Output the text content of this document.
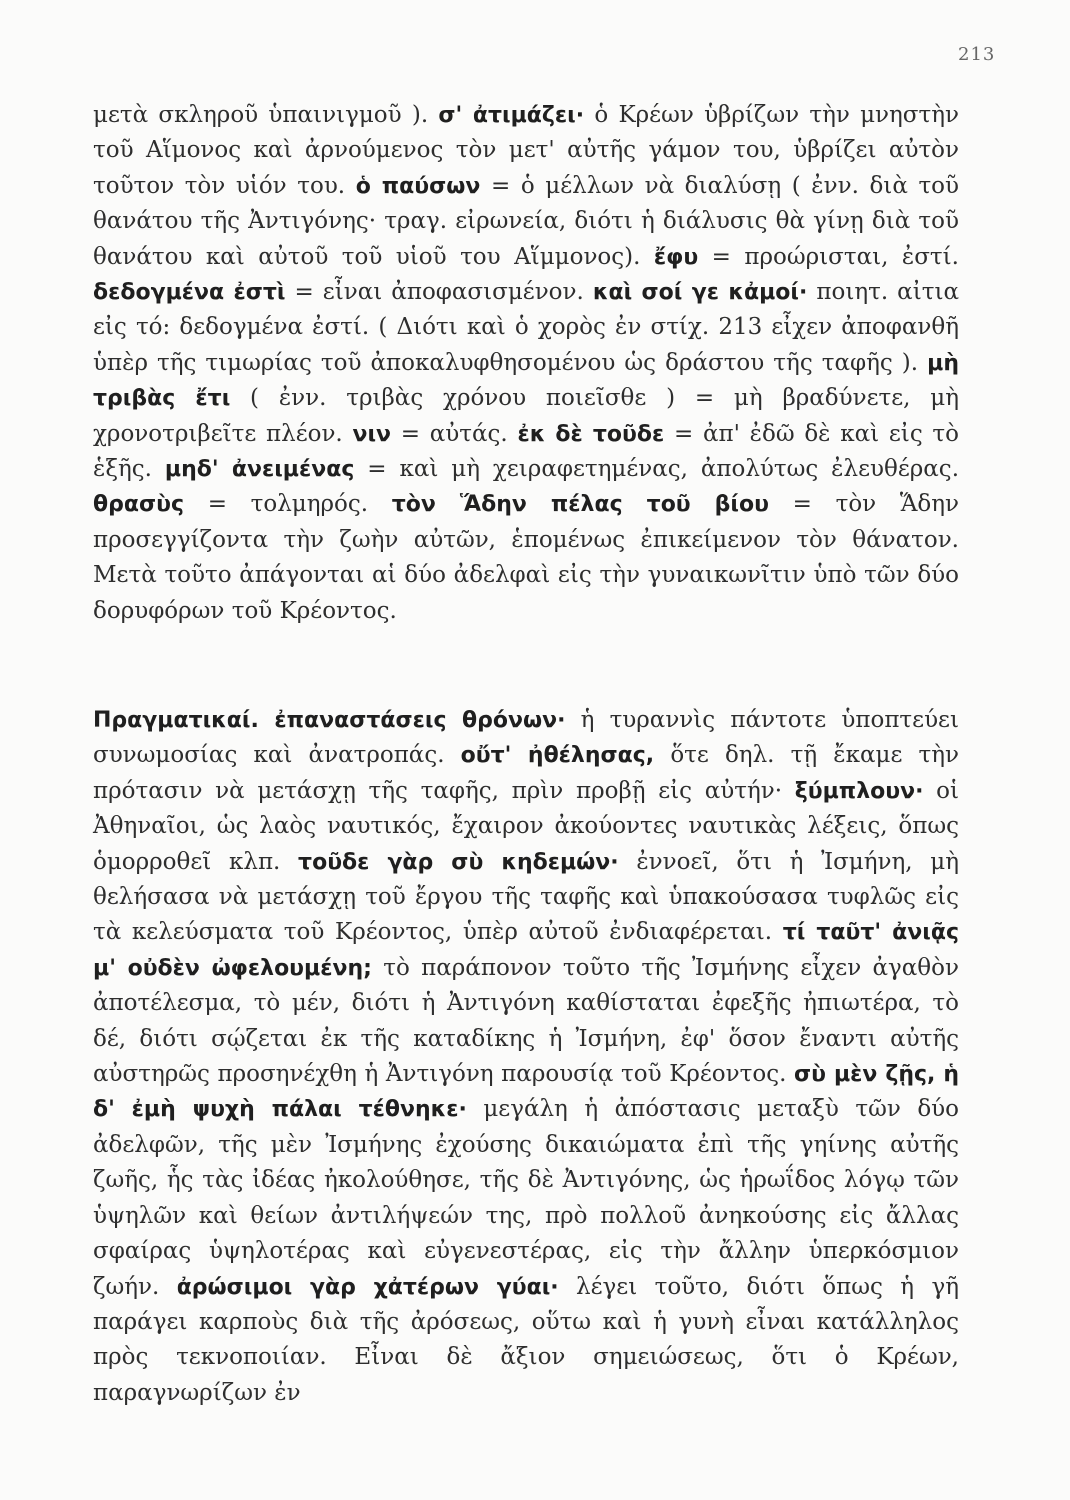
213

μετὰ σκληροῦ ὑπαινιγμοῦ ). σ' ἀτιμάζει· ὁ Κρέων ὑβρίζων τὴν μνηστὴν τοῦ Αἵμονος καὶ ἀρνούμενος τὸν μετ' αὐτῆς γάμον του, ὑβρίζει αὐτὸν τοῦτον τὸν υἱόν του. ὁ παύσων = ὁ μέλλων νὰ διαλύσῃ ( ἐνν. διὰ τοῦ θανάτου τῆς Ἀντιγόνης· τραγ. εἰρωνεία, διότι ἡ διάλυσις θὰ γίνῃ διὰ τοῦ θανάτου καὶ αὐτοῦ τοῦ υἱοῦ του Αἵμμονος). ἔφυ = προώρισται, ἐστί. δεδογμένα ἐστὶ = εἶναι ἀποφασισμένον. καὶ σοί γε κἀμοί· ποιητ. αἰτια εἰς τό: δεδογμένα ἐστί. ( Διότι καὶ ὁ χορὸς ἐν στίχ. 213 εἶχεν ἀποφανθῆ ὑπὲρ τῆς τιμωρίας τοῦ ἀποκαλυφθησομένου ὡς δράστου τῆς ταφῆς ). μὴ τριβὰς ἔτι ( ἐνν. τριβὰς χρόνου ποιεῖσθε ) = μὴ βραδύνετε, μὴ χρονοτριβεῖτε πλέον. νιν = αὐτάς. ἐκ δὲ τοῦδε = ἀπ' ἐδῶ δὲ καὶ εἰς τὸ ἑξῆς. μηδ' ἀνειμένας = καὶ μὴ χειραφετημένας, ἀπολύτως ἐλευθέρας. θρασὺς = τολμηρός. τὸν Ἅδην πέλας τοῦ βίου = τὸν Ἅδην προσεγγίζοντα τὴν ζωὴν αὐτῶν, ἑπομένως ἐπικείμενον τὸν θάνατον. Μετὰ τοῦτο ἀπάγονται αἱ δύο ἀδελφαὶ εἰς τὴν γυναικωνῖτιν ὑπὸ τῶν δύο δορυφόρων τοῦ Κρέοντος.

Πραγματικαί. ἐπαναστάσεις θρόνων· ἡ τυραννὶς πάντοτε ὑποπτεύει συνωμοσίας καὶ ἀνατροπάς. οὔτ' ἠθέλησας, ὅτε δηλ. τῇ ἔκαμε τὴν πρότασιν νὰ μετάσχῃ τῆς ταφῆς, πρὶν προβῇ εἰς αὐτήν· ξύμπλουν· οἱ Ἀθηναῖοι, ὡς λαὸς ναυτικός, ἔχαιρον ἀκούοντες ναυτικὰς λέξεις, ὅπως ὁμορροθεῖ κλπ. τοῦδε γὰρ σὺ κηδεμών· ἐννοεῖ, ὅτι ἡ Ἰσμήνη, μὴ θελήσασα νὰ μετάσχῃ τοῦ ἔργου τῆς ταφῆς καὶ ὑπακούσασα τυφλῶς εἰς τὰ κελεύσματα τοῦ Κρέοντος, ὑπὲρ αὐτοῦ ἐνδιαφέρεται. τί ταῦτ' ἀνιᾷς μ' οὐδὲν ὠφελουμένη; τὸ παράπονον τοῦτο τῆς Ἰσμήνης εἶχεν ἀγαθὸν ἀποτέλεσμα, τὸ μέν, διότι ἡ Ἀντιγόνη καθίσταται ἐφεξῆς ἠπιωτέρα, τὸ δέ, διότι σῴζεται ἐκ τῆς καταδίκης ἡ Ἰσμήνη, ἐφ' ὅσον ἔναντι αὐτῆς αὐστηρῶς προσηνέχθη ἡ Ἀντιγόνη παρουσίᾳ τοῦ Κρέοντος. σὺ μὲν ζῇς, ἡ δ' ἐμὴ ψυχὴ πάλαι τέθνηκε· μεγάλη ἡ ἀπόστασις μεταξὺ τῶν δύο ἀδελφῶν, τῆς μὲν Ἰσμήνης ἐχούσης δικαιώματα ἐπὶ τῆς γηίνης αὐτῆς ζωῆς, ἧς τὰς ἰδέας ἠκολούθησε, τῆς δὲ Ἀντιγόνης, ὡς ἡρωΐδος λόγῳ τῶν ὑψηλῶν καὶ θείων ἀντιλήψεών της, πρὸ πολλοῦ ἀνηκούσης εἰς ἄλλας σφαίρας ὑψηλοτέρας καὶ εὐγενεστέρας, εἰς τὴν ἄλλην ὑπερκόσμιον ζωήν. ἀρώσιμοι γὰρ χἀτέρων γύαι· λέγει τοῦτο, διότι ὅπως ἡ γῆ παράγει καρποὺς διὰ τῆς ἀρόσεως, οὕτω καὶ ἡ γυνὴ εἶναι κατάλληλος πρὸς τεκνοποιίαν. Εἶναι δὲ ἄξιον σημειώσεως, ὅτι ὁ Κρέων, παραγνωρίζων ἐν
